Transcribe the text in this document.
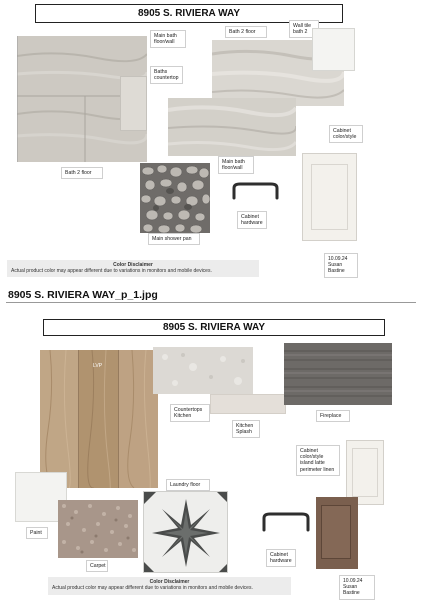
8905 S. RIVIERA WAY
Main bath floor/wall
Baths countertop
Bath 2 floor
Bath 2 floor
Wall tile bath 2
Cabinet color/style
Main shower pan
Main bath floor/wall
Cabinet hardware
10.09.24
Susan Bastine
Color Disclaimer
Actual product color may appear different due to variations in monitors and mobile devices.
8905 S. RIVIERA WAY_p_1.jpg
8905 S. RIVIERA WAY
LVP
Countertops Kitchen
Kitchen Splash
Fireplace
Cabinet color/style island latte perimeter linen
Laundry floor
Paint
Carpet
Cabinet hardware
10.09.24
Susan Bastine
Color Disclaimer
Actual product color may appear different due to variations in monitors and mobile devices.
